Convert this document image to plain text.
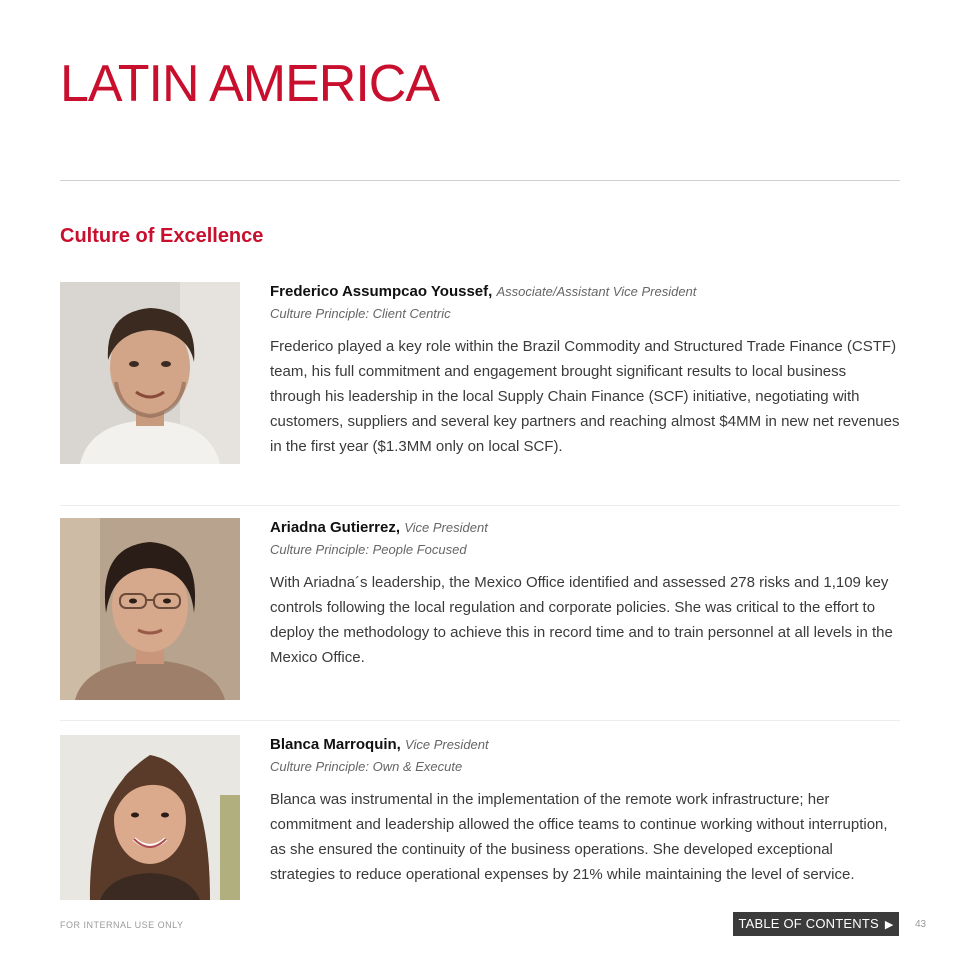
LATIN AMERICA
Culture of Excellence
Frederico Assumpcao Youssef, Associate/Assistant Vice President
Culture Principle: Client Centric
Frederico played a key role within the Brazil Commodity and Structured Trade Finance (CSTF) team, his full commitment and engagement brought significant results to local business through his leadership in the local Supply Chain Finance (SCF) initiative, negotiating with customers, suppliers and several key partners and reaching almost $4MM in new net revenues in the first year ($1.3MM only on local SCF).
Ariadna Gutierrez, Vice President
Culture Principle: People Focused
With Ariadna´s leadership, the Mexico Office identified and assessed 278 risks and 1,109 key controls following the local regulation and corporate policies. She was critical to the effort to deploy the methodology to achieve this in record time and to train personnel at all levels in the Mexico Office.
Blanca Marroquin, Vice President
Culture Principle: Own & Execute
Blanca was instrumental in the implementation of the remote work infrastructure; her commitment and leadership allowed the office teams to continue working without interruption, as she ensured the continuity of the business operations. She developed exceptional strategies to reduce operational expenses by 21% while maintaining the level of service.
FOR INTERNAL USE ONLY	TABLE OF CONTENTS ▶	43
